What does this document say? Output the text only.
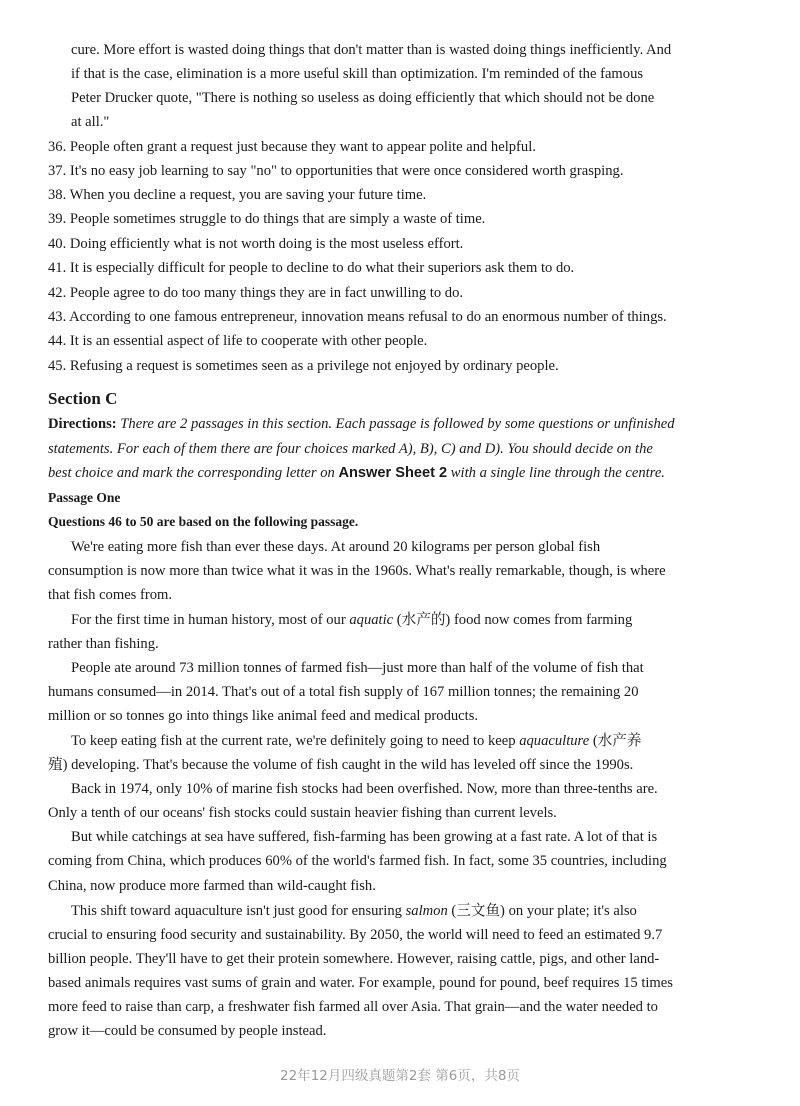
cure. More effort is wasted doing things that don't matter than is wasted doing things inefficiently. And
if that is the case, elimination is a more useful skill than optimization. I'm reminded of the famous
Peter Drucker quote, "There is nothing so useless as doing efficiently that which should not be done
at all."
36. People often grant a request just because they want to appear polite and helpful.
37. It's no easy job learning to say "no" to opportunities that were once considered worth grasping.
38. When you decline a request, you are saving your future time.
39. People sometimes struggle to do things that are simply a waste of time.
40. Doing efficiently what is not worth doing is the most useless effort.
41. It is especially difficult for people to decline to do what their superiors ask them to do.
42. People agree to do too many things they are in fact unwilling to do.
43. According to one famous entrepreneur, innovation means refusal to do an enormous number of things.
44. It is an essential aspect of life to cooperate with other people.
45. Refusing a request is sometimes seen as a privilege not enjoyed by ordinary people.
Section C
Directions: There are 2 passages in this section. Each passage is followed by some questions or unfinished
statements. For each of them there are four choices marked A), B), C) and D). You should decide on the
best choice and mark the corresponding letter on Answer Sheet 2 with a single line through the centre.
Passage One
Questions 46 to 50 are based on the following passage.
We're eating more fish than ever these days. At around 20 kilograms per person global fish
consumption is now more than twice what it was in the 1960s. What's really remarkable, though, is where
that fish comes from.
For the first time in human history, most of our aquatic (水产的) food now comes from farming
rather than fishing.
People ate around 73 million tonnes of farmed fish—just more than half of the volume of fish that
humans consumed—in 2014. That's out of a total fish supply of 167 million tonnes; the remaining 20
million or so tonnes go into things like animal feed and medical products.
To keep eating fish at the current rate, we're definitely going to need to keep aquaculture (水产养
殖) developing. That's because the volume of fish caught in the wild has leveled off since the 1990s.
Back in 1974, only 10% of marine fish stocks had been overfished. Now, more than three-tenths are.
Only a tenth of our oceans' fish stocks could sustain heavier fishing than current levels.
But while catchings at sea have suffered, fish-farming has been growing at a fast rate. A lot of that is
coming from China, which produces 60% of the world's farmed fish. In fact, some 35 countries, including
China, now produce more farmed than wild-caught fish.
This shift toward aquaculture isn't just good for ensuring salmon (三文鱼) on your plate; it's also
crucial to ensuring food security and sustainability. By 2050, the world will need to feed an estimated 9.7
billion people. They'll have to get their protein somewhere. However, raising cattle, pigs, and other land-
based animals requires vast sums of grain and water. For example, pound for pound, beef requires 15 times
more feed to raise than carp, a freshwater fish farmed all over Asia. That grain—and the water needed to
grow it—could be consumed by people instead.
22年12月四级真题第2套 第6页，共8页
